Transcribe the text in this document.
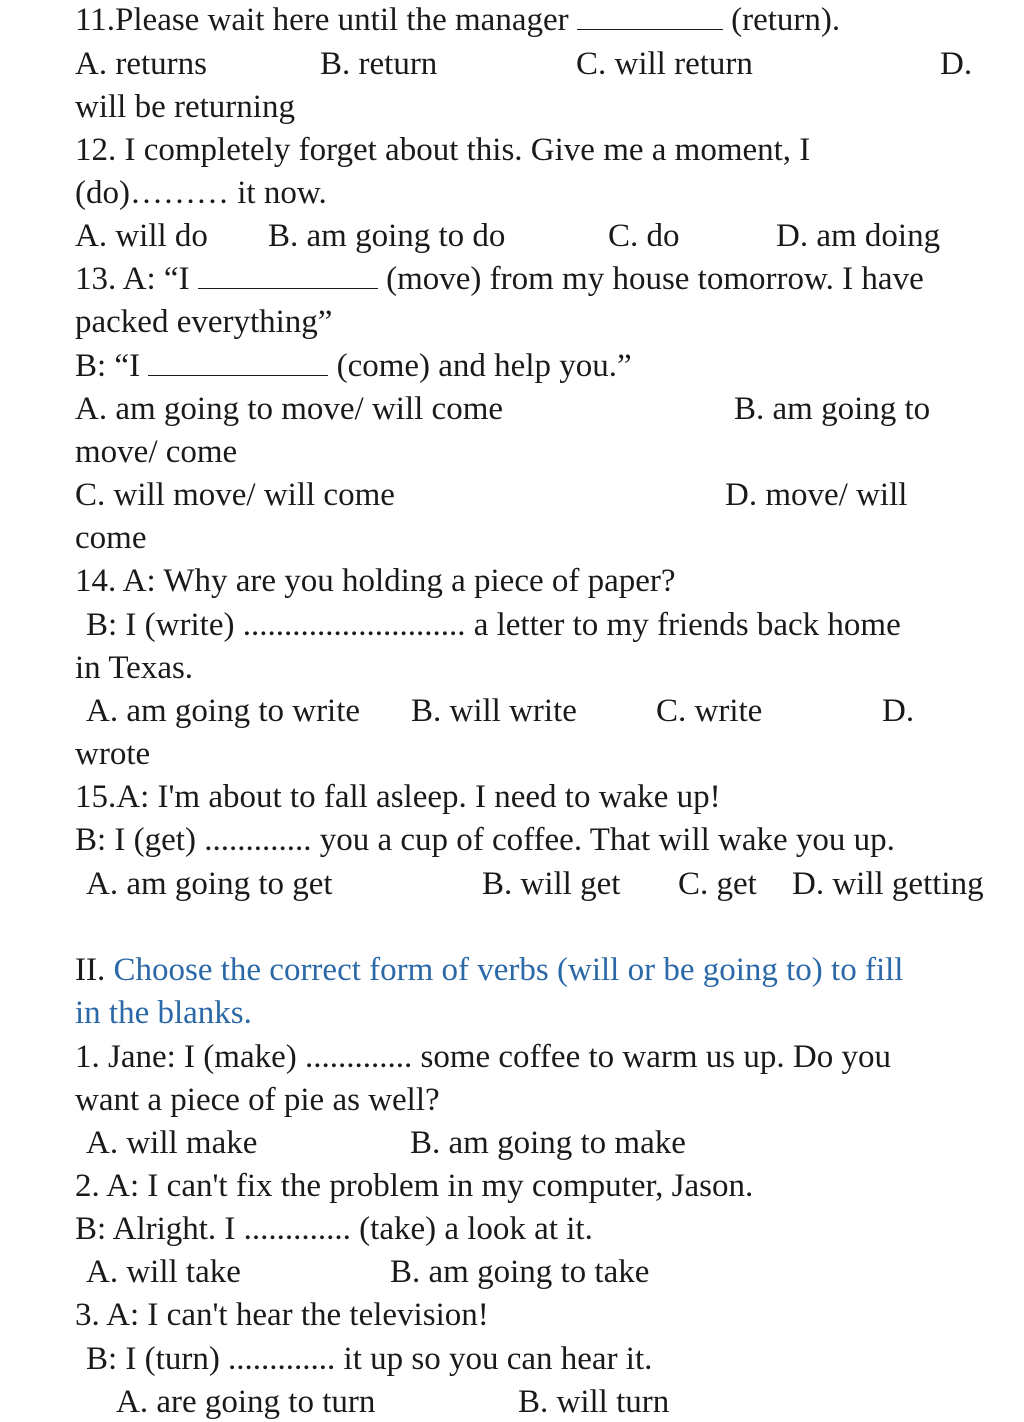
11.Please wait here until the manager	(return).

A. returns	B. return	C. will return	D.

will be returning

12. I completely forget about this. Give me a moment, I

(do)……… it now.

A. will do B. am going to do	C. do	D. am doing

13. A: “I	(move) from my house tomorrow. I have

packed everything”

B: “I	(come) and help you.”

A. am going to move/ will come	B. am going to

move/ come

C. will move/ will come	D. move/ will

come

14. A: Why are you holding a piece of paper?

B: I (write) ........................... a letter to my friends back home

in Texas.

A. am going to write B. will write C. write	D.

wrote

15.A: I'm about to fall asleep. I need to wake up!

B: I (get) ............. you a cup of coffee. That will wake you up.

A. am going to get	B. will get C. get D. will getting

II. Choose the correct form of verbs (will or be going to) to fill

in the blanks.

1. Jane: I (make) ............. some coffee to warm us up. Do you

want a piece of pie as well?

A. will make	B. am going to make

2. A: I can't fix the problem in my computer, Jason.

B: Alright. I ............. (take) a look at it.

A. will take	B. am going to take

3. A: I can't hear the television!

B: I (turn) ............. it up so you can hear it.

A. are going to turn	B. will turn
